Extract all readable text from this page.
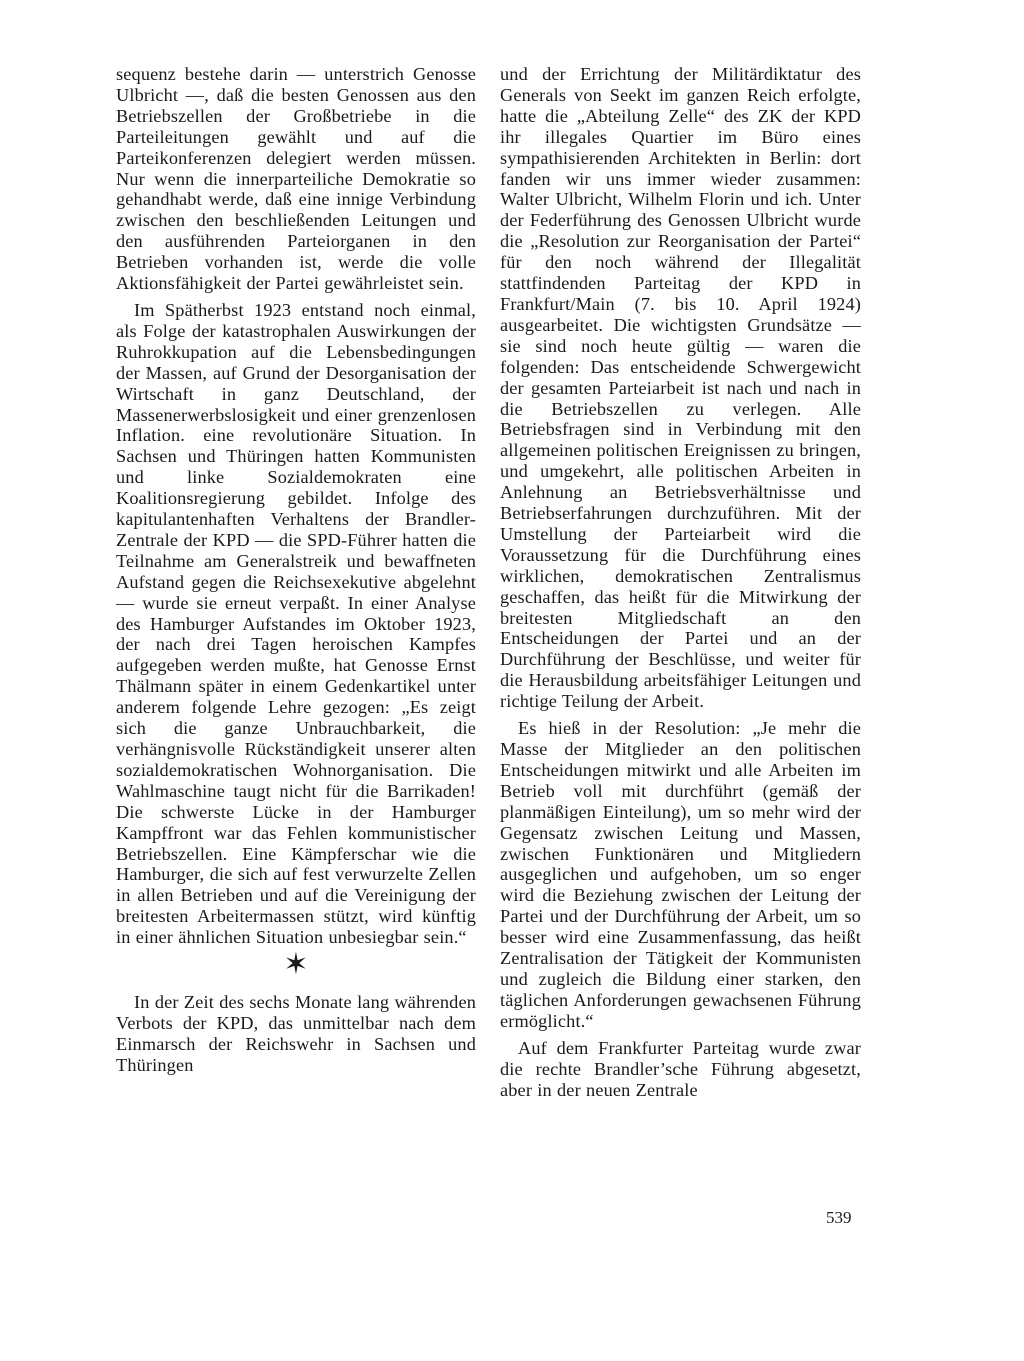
sequenz bestehe darin — unterstrich Genosse Ulbricht —, daß die besten Genossen aus den Betriebszellen der Großbetriebe in die Parteileitungen gewählt und auf die Parteikonferenzen delegiert werden müssen. Nur wenn die innerparteiliche Demokratie so gehandhabt werde, daß eine innige Verbindung zwischen den beschließenden Leitungen und den ausführenden Parteiorganen in den Betrieben vorhanden ist, werde die volle Aktionsfähigkeit der Partei gewährleistet sein.

Im Spätherbst 1923 entstand noch einmal, als Folge der katastrophalen Auswirkungen der Ruhrokkupation auf die Lebensbedingungen der Massen, auf Grund der Desorganisation der Wirtschaft in ganz Deutschland, der Massenerwerbslosigkeit und einer grenzenlosen Inflation. eine revolutionäre Situation. In Sachsen und Thüringen hatten Kommunisten und linke Sozialdemokraten eine Koalitionsregierung gebildet. Infolge des kapitulantenhaften Verhaltens der Brandler-Zentrale der KPD — die SPD-Führer hatten die Teilnahme am Generalstreik und bewaffneten Aufstand gegen die Reichsexekutive abgelehnt — wurde sie erneut verpaßt. In einer Analyse des Hamburger Aufstandes im Oktober 1923, der nach drei Tagen heroischen Kampfes aufgegeben werden mußte, hat Genosse Ernst Thälmann später in einem Gedenkartikel unter anderem folgende Lehre gezogen: „Es zeigt sich die ganze Unbrauchbarkeit, die verhängnisvolle Rückständigkeit unserer alten sozialdemokratischen Wohnorganisation. Die Wahlmaschine taugt nicht für die Barrikaden! Die schwerste Lücke in der Hamburger Kampffront war das Fehlen kommunistischer Betriebszellen. Eine Kämpferschar wie die Hamburger, die sich auf fest verwurzelte Zellen in allen Betrieben und auf die Vereinigung der breitesten Arbeitermassen stützt, wird künftig in einer ähnlichen Situation unbesiegbar sein.“

✶

In der Zeit des sechs Monate lang währenden Verbots der KPD, das unmittelbar nach dem Einmarsch der Reichswehr in Sachsen und Thüringen

und der Errichtung der Militärdiktatur des Generals von Seekt im ganzen Reich erfolgte, hatte die „Abteilung Zelle“ des ZK der KPD ihr illegales Quartier im Büro eines sympathisierenden Architekten in Berlin: dort fanden wir uns immer wieder zusammen: Walter Ulbricht, Wilhelm Florin und ich. Unter der Federführung des Genossen Ulbricht wurde die „Resolution zur Reorganisation der Partei“ für den noch während der Illegalität stattfindenden Parteitag der KPD in Frankfurt/Main (7. bis 10. April 1924) ausgearbeitet. Die wichtigsten Grundsätze — sie sind noch heute gültig — waren die folgenden: Das entscheidende Schwergewicht der gesamten Parteiarbeit ist nach und nach in die Betriebszellen zu verlegen. Alle Betriebsfragen sind in Verbindung mit den allgemeinen politischen Ereignissen zu bringen, und umgekehrt, alle politischen Arbeiten in Anlehnung an Betriebsverhältnisse und Betriebserfahrungen durchzuführen. Mit der Umstellung der Parteiarbeit wird die Voraussetzung für die Durchführung eines wirklichen, demokratischen Zentralismus geschaffen, das heißt für die Mitwirkung der breitesten Mitgliedschaft an den Entscheidungen der Partei und an der Durchführung der Beschlüsse, und weiter für die Herausbildung arbeitsfähiger Leitungen und richtige Teilung der Arbeit.

Es hieß in der Resolution: „Je mehr die Masse der Mitglieder an den politischen Entscheidungen mitwirkt und alle Arbeiten im Betrieb voll mit durchführt (gemäß der planmäßigen Einteilung), um so mehr wird der Gegensatz zwischen Leitung und Massen, zwischen Funktionären und Mitgliedern ausgeglichen und aufgehoben, um so enger wird die Beziehung zwischen der Leitung der Partei und der Durchführung der Arbeit, um so besser wird eine Zusammenfassung, das heißt Zentralisation der Tätigkeit der Kommunisten und zugleich die Bildung einer starken, den täglichen Anforderungen gewachsenen Führung ermöglicht.“

Auf dem Frankfurter Parteitag wurde zwar die rechte Brandler’sche Führung abgesetzt, aber in der neuen Zentrale

539
